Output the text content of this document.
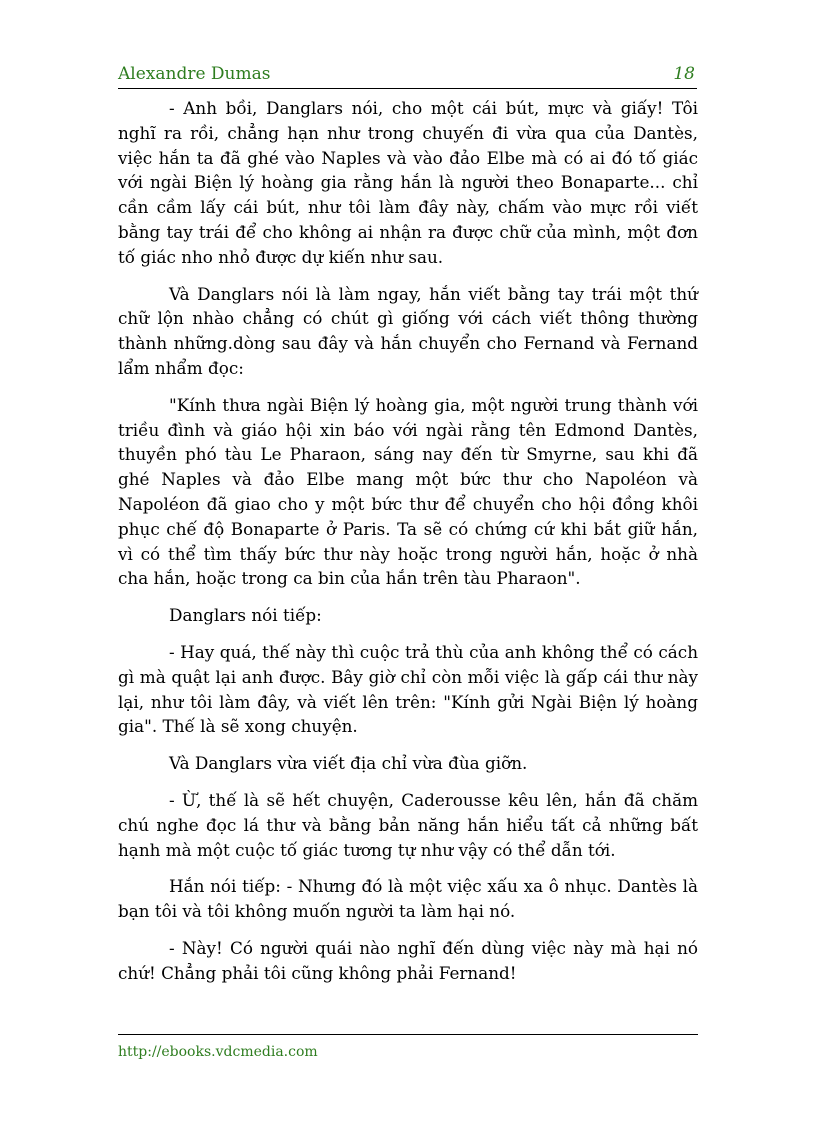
Alexandre Dumas	18

- Anh bồi, Danglars nói, cho một cái bút, mực và giấy! Tôi nghĩ ra rồi, chẳng hạn như trong chuyến đi vừa qua của Dantès, việc hắn ta đã ghé vào Naples và vào đảo Elbe mà có ai đó tố giác với ngài Biện lý hoàng gia rằng hắn là người theo Bonaparte... chỉ cần cầm lấy cái bút, như tôi làm đây này, chấm vào mực rồi viết bằng tay trái để cho không ai nhận ra được chữ của mình, một đơn tố giác nho nhỏ được dự kiến như sau.

Và Danglars nói là làm ngay, hắn viết bằng tay trái một thứ chữ lộn nhào chẳng có chút gì giống với cách viết thông thường thành những.dòng sau đây và hắn chuyển cho Fernand và Fernand lẩm nhẩm đọc:

"Kính thưa ngài Biện lý hoàng gia, một người trung thành với triều đình và giáo hội xin báo với ngài rằng tên Edmond Dantès, thuyền phó tàu Le Pharaon, sáng nay đến từ Smyrne, sau khi đã ghé Naples và đảo Elbe mang một bức thư cho Napoléon và Napoléon đã giao cho y một bức thư để chuyển cho hội đồng khôi phục chế độ Bonaparte ở Paris. Ta sẽ có chứng cứ khi bắt giữ hắn, vì có thể tìm thấy bức thư này hoặc trong người hắn, hoặc ở nhà cha hắn, hoặc trong ca bin của hắn trên tàu Pharaon".

Danglars nói tiếp:

- Hay quá, thế này thì cuộc trả thù của anh không thể có cách gì mà quật lại anh được. Bây giờ chỉ còn mỗi việc là gấp cái thư này lại, như tôi làm đây, và viết lên trên: "Kính gửi Ngài Biện lý hoàng gia". Thế là sẽ xong chuyện.

Và Danglars vừa viết địa chỉ vừa đùa giỡn.

- Ừ, thế là sẽ hết chuyện, Caderousse kêu lên, hắn đã chăm chú nghe đọc lá thư và bằng bản năng hắn hiểu tất cả những bất hạnh mà một cuộc tố giác tương tự như vậy có thể dẫn tới.

Hắn nói tiếp: - Nhưng đó là một việc xấu xa ô nhục. Dantès là bạn tôi và tôi không muốn người ta làm hại nó.

- Này! Có người quái nào nghĩ đến dùng việc này mà hại nó chứ! Chẳng phải tôi cũng không phải Fernand!

http://ebooks.vdcmedia.com
